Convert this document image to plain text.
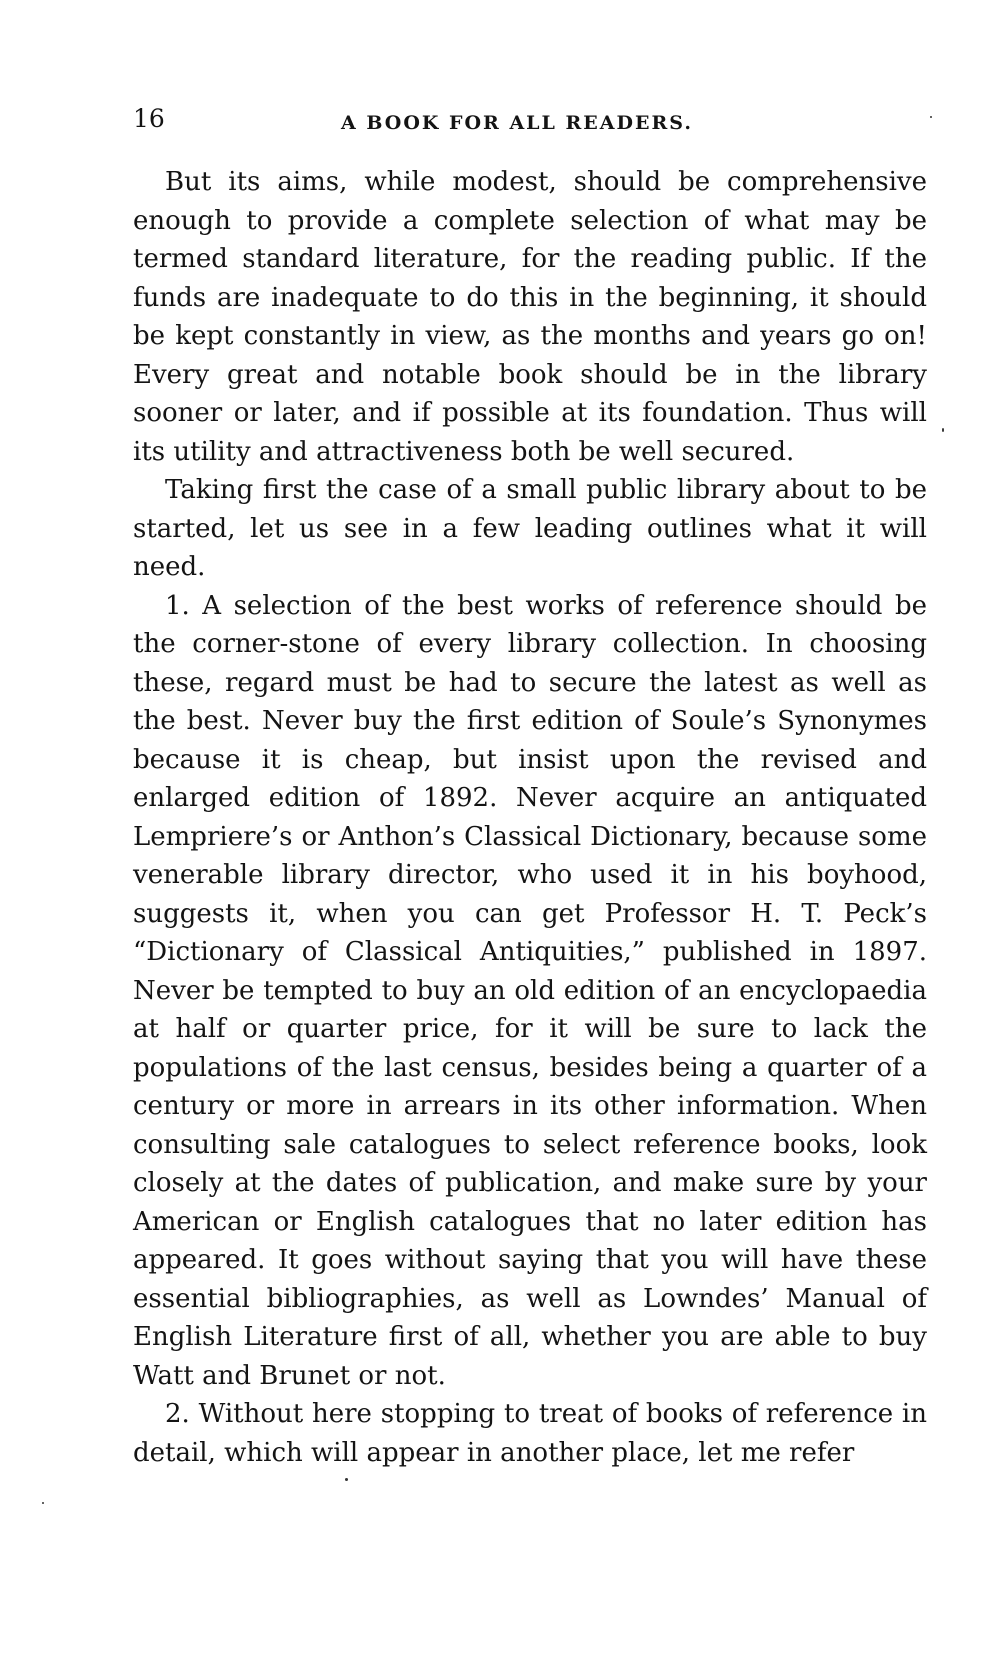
16	A BOOK FOR ALL READERS.

But its aims, while modest, should be comprehensive enough to provide a complete selection of what may be termed standard literature, for the reading public. If the funds are inadequate to do this in the beginning, it should be kept constantly in view, as the months and years go on! Every great and notable book should be in the library sooner or later, and if possible at its foundation. Thus will its utility and attractiveness both be well secured.

Taking first the case of a small public library about to be started, let us see in a few leading outlines what it will need.

1. A selection of the best works of reference should be the corner-stone of every library collection. In choosing these, regard must be had to secure the latest as well as the best. Never buy the first edition of Soule’s Synonymes because it is cheap, but insist upon the revised and enlarged edition of 1892. Never acquire an antiquated Lempriere’s or Anthon’s Classical Dictionary, because some venerable library director, who used it in his boyhood, suggests it, when you can get Professor H. T. Peck’s “Dictionary of Classical Antiquities,” published in 1897. Never be tempted to buy an old edition of an encyclopaedia at half or quarter price, for it will be sure to lack the populations of the last census, besides being a quarter of a century or more in arrears in its other information. When consulting sale catalogues to select reference books, look closely at the dates of publication, and make sure by your American or English catalogues that no later edition has appeared. It goes without saying that you will have these essential bibliographies, as well as Lowndes’ Manual of English Literature first of all, whether you are able to buy Watt and Brunet or not.

2. Without here stopping to treat of books of reference in detail, which will appear in another place, let me refer
